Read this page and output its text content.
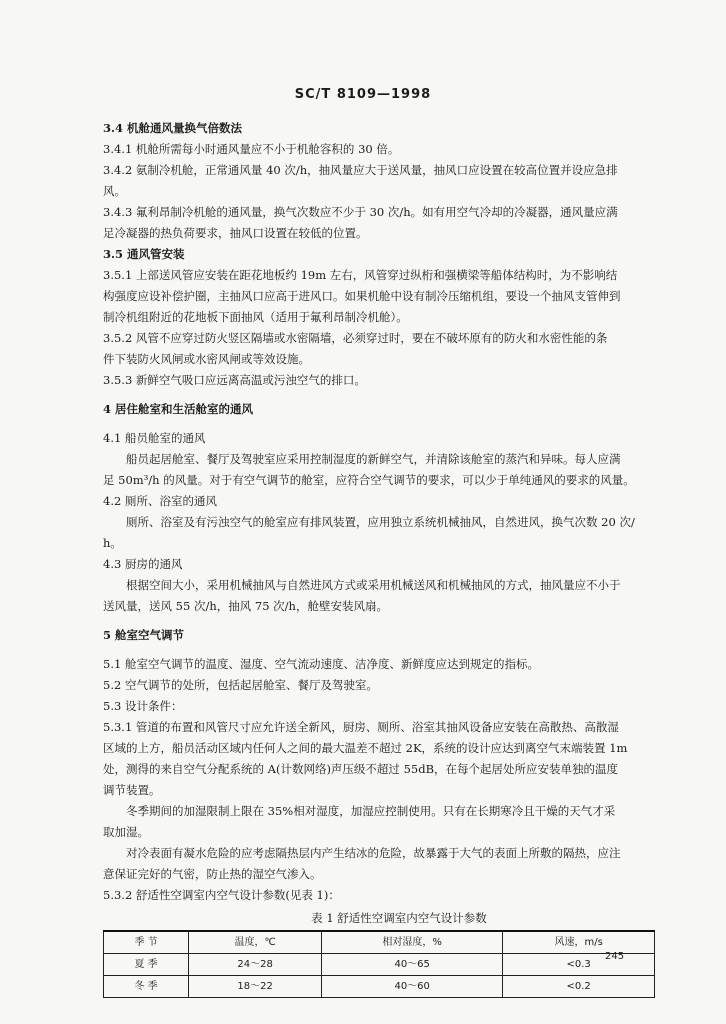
SC/T 8109—1998
3.4 机舱通风量换气倍数法
3.4.1 机舱所需每小时通风量应不小于机舱容积的 30 倍。
3.4.2 氨制冷机舱，正常通风量 40 次/h，抽风量应大于送风量，抽风口应设置在较高位置并设应急排
风。
3.4.3 氟利昂制冷机舱的通风量，换气次数应不少于 30 次/h。如有用空气冷却的冷凝器，通风量应满
足冷凝器的热负荷要求，抽风口设置在较低的位置。
3.5 通风管安装
3.5.1 上部送风管应安装在距花地板约 19m 左右，风管穿过纵桁和强横梁等船体结构时，为不影响结
构强度应设补偿护圈，主抽风口应高于进风口。如果机舱中设有制冷压缩机组，要设一个抽风支管伸到
制冷机组附近的花地板下面抽风（适用于氟利昂制冷机舱）。
3.5.2 风管不应穿过防火竖区隔墙或水密隔墙，必须穿过时，要在不破坏原有的防火和水密性能的条
件下装防火风闸或水密风闸或等效设施。
3.5.3 新鲜空气吸口应远离高温或污浊空气的排口。
4 居住舱室和生活舱室的通风
4.1 船员舱室的通风
船员起居舱室、餐厅及驾驶室应采用控制湿度的新鲜空气，并清除该舱室的蒸汽和异味。每人应满
足 50m³/h 的风量。对于有空气调节的舱室，应符合空气调节的要求，可以少于单纯通风的要求的风量。
4.2 厕所、浴室的通风
厕所、浴室及有污浊空气的舱室应有排风装置，应用独立系统机械抽风，自然进风，换气次数 20 次/
h。
4.3 厨房的通风
根据空间大小，采用机械抽风与自然进风方式或采用机械送风和机械抽风的方式，抽风量应不小于
送风量，送风 55 次/h，抽风 75 次/h，舱壁安装风扇。
5 舱室空气调节
5.1 舱室空气调节的温度、湿度、空气流动速度、洁净度、新鲜度应达到规定的指标。
5.2 空气调节的处所，包括起居舱室、餐厅及驾驶室。
5.3 设计条件：
5.3.1 管道的布置和风管尺寸应允许送全新风，厨房、厕所、浴室其抽风设备应安装在高散热、高散湿
区域的上方，船员活动区域内任何人之间的最大温差不超过 2K，系统的设计应达到离空气末端装置 1m
处，测得的来自空气分配系统的 A(计数网络)声压级不超过 55dB，在每个起居处所应安装单独的温度
调节装置。
冬季期间的加湿限制上限在 35%相对湿度，加湿应控制使用。只有在长期寒冷且干燥的天气才采
取加湿。
对冷表面有凝水危险的应考虑隔热层内产生结冰的危险，故暴露于大气的表面上所敷的隔热，应注
意保证完好的气密，防止热的湿空气渗入。
5.3.2 舒适性空调室内空气设计参数(见表 1)：
表 1 舒适性空调室内空气设计参数
季 节	温度，℃	相对湿度，%	风速，m/s
夏 季	24～28	40～65	<0.3
冬 季	18～22	40～60	<0.2
245
